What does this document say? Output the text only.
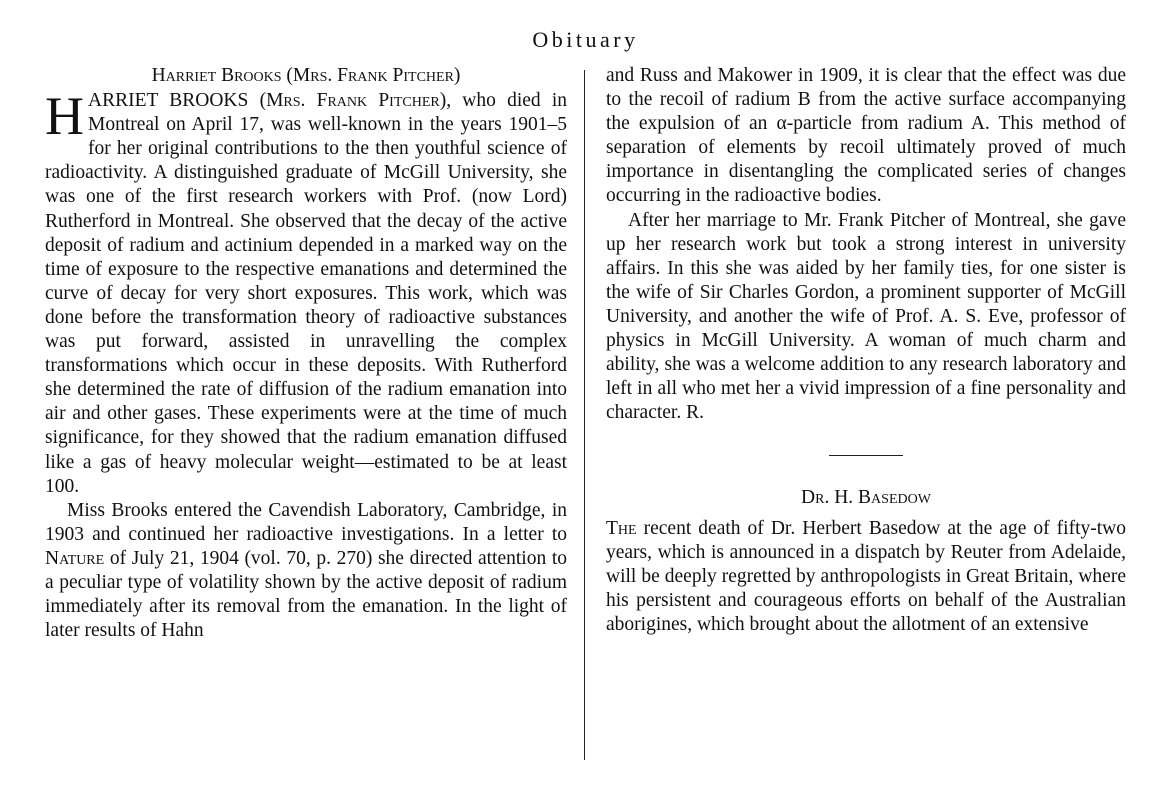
Obituary
Harriet Brooks (Mrs. Frank Pitcher)

HARRIET BROOKS (Mrs. Frank Pitcher), who died in Montreal on April 17, was well-known in the years 1901–5 for her original contributions to the then youthful science of radioactivity. A distinguished graduate of McGill University, she was one of the first research workers with Prof. (now Lord) Rutherford in Montreal. She observed that the decay of the active deposit of radium and actinium depended in a marked way on the time of exposure to the respective emanations and determined the curve of decay for very short exposures. This work, which was done before the transformation theory of radioactive substances was put forward, assisted in unravelling the complex transformations which occur in these deposits. With Rutherford she determined the rate of diffusion of the radium emanation into air and other gases. These experiments were at the time of much significance, for they showed that the radium emanation diffused like a gas of heavy molecular weight—estimated to be at least 100.

Miss Brooks entered the Cavendish Laboratory, Cambridge, in 1903 and continued her radioactive investigations. In a letter to Nature of July 21, 1904 (vol. 70, p. 270) she directed attention to a peculiar type of volatility shown by the active deposit of radium immediately after its removal from the emanation. In the light of later results of Hahn

and Russ and Makower in 1909, it is clear that the effect was due to the recoil of radium B from the active surface accompanying the expulsion of an α-particle from radium A. This method of separation of elements by recoil ultimately proved of much importance in disentangling the complicated series of changes occurring in the radioactive bodies.

After her marriage to Mr. Frank Pitcher of Montreal, she gave up her research work but took a strong interest in university affairs. In this she was aided by her family ties, for one sister is the wife of Sir Charles Gordon, a prominent supporter of McGill University, and another the wife of Prof. A. S. Eve, professor of physics in McGill University. A woman of much charm and ability, she was a welcome addition to any research laboratory and left in all who met her a vivid impression of a fine personality and character. R.

Dr. H. Basedow

The recent death of Dr. Herbert Basedow at the age of fifty-two years, which is announced in a dispatch by Reuter from Adelaide, will be deeply regretted by anthropologists in Great Britain, where his persistent and courageous efforts on behalf of the Australian aborigines, which brought about the allotment of an extensive
